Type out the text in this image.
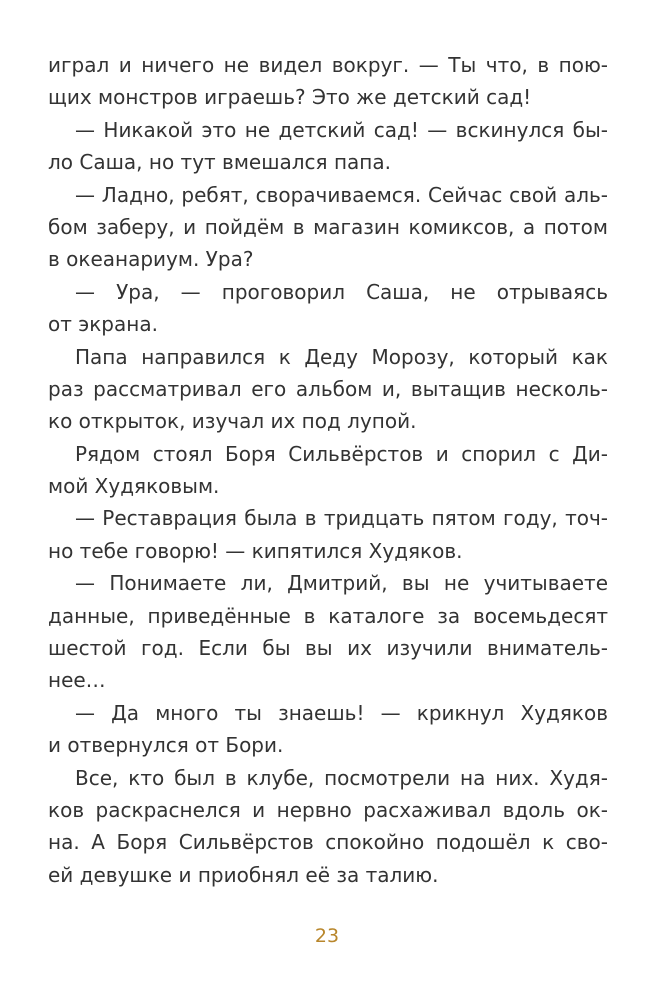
играл и ничего не видел вокруг. — Ты что, в пою-
щих монстров играешь? Это же детский сад!
— Никакой это не детский сад! — вскинулся бы-
ло Саша, но тут вмешался папа.
— Ладно, ребят, сворачиваемся. Сейчас свой аль-
бом заберу, и пойдём в магазин комиксов, а потом
в океанариум. Ура?
— Ура, — проговорил Саша, не отрываясь
от экрана.
Папа направился к Деду Морозу, который как
раз рассматривал его альбом и, вытащив несколь-
ко открыток, изучал их под лупой.
Рядом стоял Боря Сильвёрстов и спорил с Ди-
мой Худяковым.
— Реставрация была в тридцать пятом году, точ-
но тебе говорю! — кипятился Худяков.
— Понимаете ли, Дмитрий, вы не учитываете
данные, приведённые в каталоге за восемьдесят
шестой год. Если бы вы их изучили вниматель-
нее…
— Да много ты знаешь! — крикнул Худяков
и отвернулся от Бори.
Все, кто был в клубе, посмотрели на них. Худя-
ков раскраснелся и нервно расхаживал вдоль ок-
на. А Боря Сильвёрстов спокойно подошёл к сво-
ей девушке и приобнял её за талию.
23
